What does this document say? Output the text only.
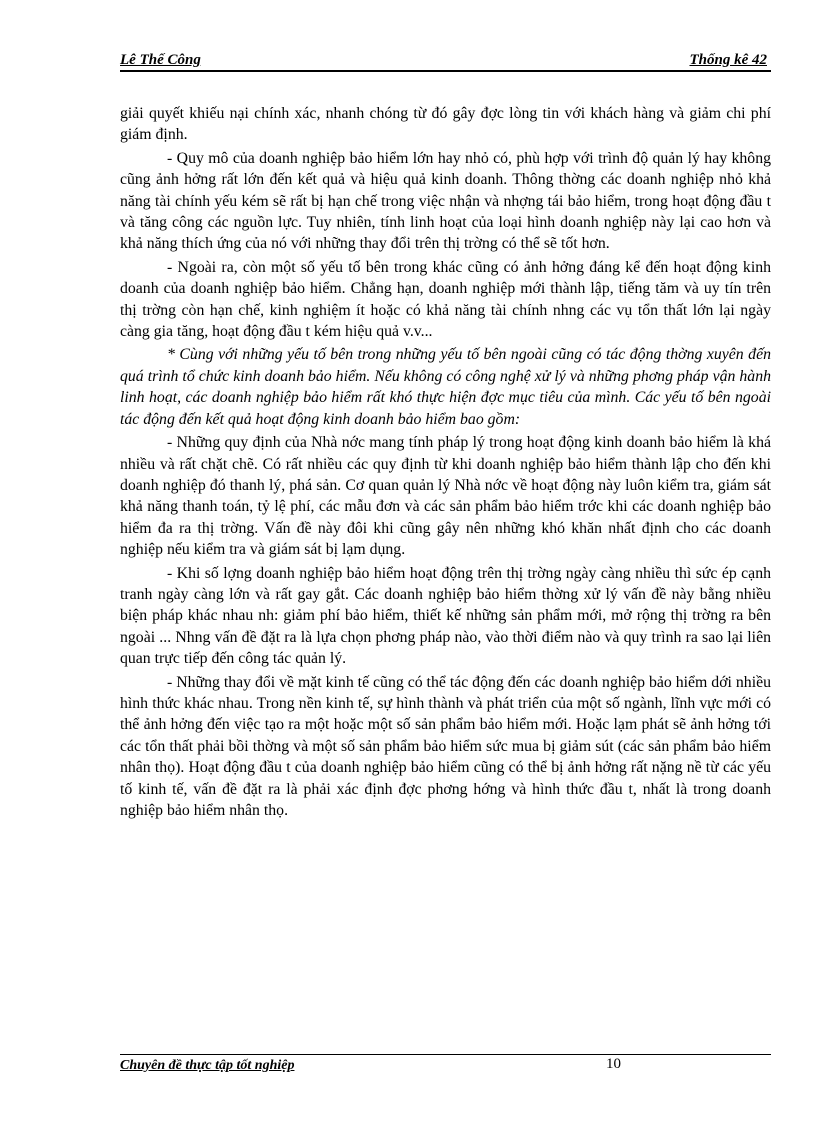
Lê Thế Công	Thống kê 42

giải quyết khiếu nại chính xác, nhanh chóng từ đó gây đợc lòng tin với khách hàng và giảm chi phí giám định.

- Quy mô của doanh nghiệp bảo hiểm lớn hay nhỏ có, phù hợp với trình độ quản lý hay không cũng ảnh hởng rất lớn đến kết quả và hiệu quả kinh doanh. Thông thờng các doanh nghiệp nhỏ khả năng tài chính yếu kém sẽ rất bị hạn chế trong việc nhận và nhợng tái bảo hiểm, trong hoạt động đầu t và tăng công các nguồn lực. Tuy nhiên, tính linh hoạt của loại hình doanh nghiệp này lại cao hơn và khả năng thích ứng của nó với những thay đổi trên thị trờng có thể sẽ tốt hơn.

- Ngoài ra, còn một số yếu tố bên trong khác cũng có ảnh hởng đáng kể đến hoạt động kinh doanh của doanh nghiệp bảo hiểm. Chẳng hạn, doanh nghiệp mới thành lập, tiếng tăm và uy tín trên thị trờng còn hạn chế, kinh nghiệm ít hoặc có khả năng tài chính nhng các vụ tổn thất lớn lại ngày càng gia tăng, hoạt động đầu t kém hiệu quả v.v...

* Cùng với những yếu tố bên trong những yếu tố bên ngoài cũng có tác động thờng xuyên đến quá trình tổ chức kinh doanh bảo hiểm. Nếu không có công nghệ xử lý và những phơng pháp vận hành linh hoạt, các doanh nghiệp bảo hiểm rất khó thực hiện đợc mục tiêu của mình. Các yếu tố bên ngoài tác động đến kết quả hoạt động kinh doanh bảo hiểm bao gồm:

- Những quy định của Nhà nớc mang tính pháp lý trong hoạt động kinh doanh bảo hiểm là khá nhiều và rất chặt chẽ. Có rất nhiều các quy định từ khi doanh nghiệp bảo hiểm thành lập cho đến khi doanh nghiệp đó thanh lý, phá sản. Cơ quan quản lý Nhà nớc về hoạt động này luôn kiểm tra, giám sát khả năng thanh toán, tỷ lệ phí, các mẫu đơn và các sản phẩm bảo hiểm trớc khi các doanh nghiệp bảo hiểm đa ra thị trờng. Vấn đề này đôi khi cũng gây nên những khó khăn nhất định cho các doanh nghiệp nếu kiểm tra và giám sát bị lạm dụng.

- Khi số lợng doanh nghiệp bảo hiểm hoạt động trên thị trờng ngày càng nhiều thì sức ép cạnh tranh ngày càng lớn và rất gay gắt. Các doanh nghiệp bảo hiểm thờng xử lý vấn đề này bằng nhiều biện pháp khác nhau nh: giảm phí bảo hiểm, thiết kế những sản phẩm mới, mở rộng thị trờng ra bên ngoài ... Nhng vấn đề đặt ra là lựa chọn phơng pháp nào, vào thời điểm nào và quy trình ra sao lại liên quan trực tiếp đến công tác quản lý.

- Những thay đổi về mặt kinh tế cũng có thể tác động đến các doanh nghiệp bảo hiểm dới nhiều hình thức khác nhau. Trong nền kinh tế, sự hình thành và phát triển của một số ngành, lĩnh vực mới có thể ảnh hởng đến việc tạo ra một hoặc một số sản phẩm bảo hiểm mới. Hoặc lạm phát sẽ ảnh hởng tới các tổn thất phải bồi thờng và một số sản phẩm bảo hiểm sức mua bị giảm sút (các sản phẩm bảo hiểm nhân thọ). Hoạt động đầu t của doanh nghiệp bảo hiểm cũng có thể bị ảnh hởng rất nặng nề từ các yếu tố kinh tế, vấn đề đặt ra là phải xác định đợc phơng hớng và hình thức đầu t, nhất là trong doanh nghiệp bảo hiểm nhân thọ.

Chuyên đề thực tập tốt nghiệp	10
